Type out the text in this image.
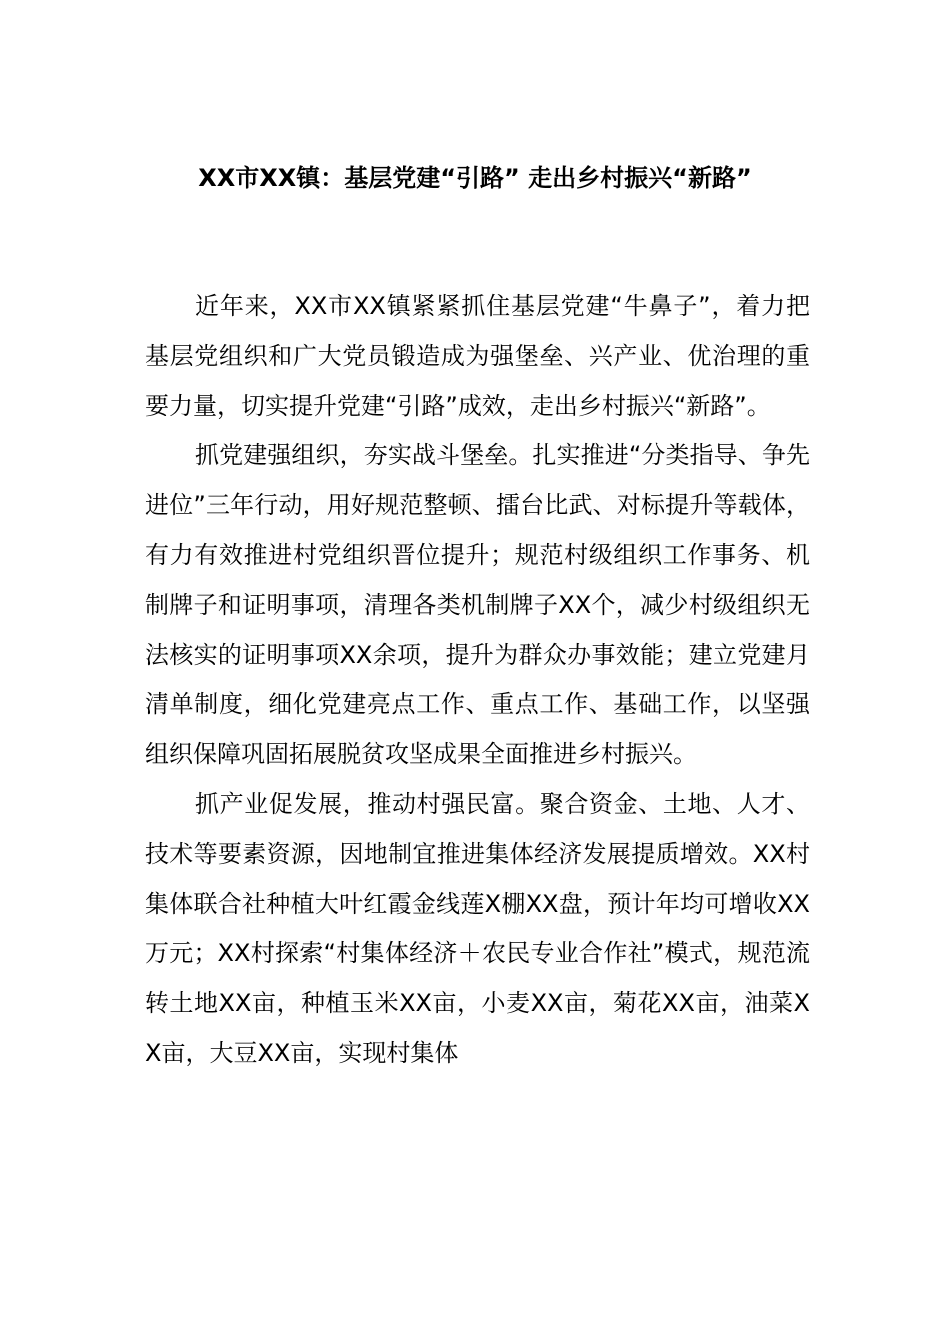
XX市XX镇：基层党建“引路” 走出乡村振兴“新路”

近年来，XX市XX镇紧紧抓住基层党建“牛鼻子”，着力把基层党组织和广大党员锻造成为强堡垒、兴产业、优治理的重要力量，切实提升党建“引路”成效，走出乡村振兴“新路”。

抓党建强组织，夯实战斗堡垒。扎实推进“分类指导、争先进位”三年行动，用好规范整顿、擂台比武、对标提升等载体，有力有效推进村党组织晋位提升；规范村级组织工作事务、机制牌子和证明事项，清理各类机制牌子XX个，减少村级组织无法核实的证明事项XX余项，提升为群众办事效能；建立党建月清单制度，细化党建亮点工作、重点工作、基础工作，以坚强组织保障巩固拓展脱贫攻坚成果全面推进乡村振兴。

抓产业促发展，推动村强民富。聚合资金、土地、人才、技术等要素资源，因地制宜推进集体经济发展提质增效。XX村集体联合社种植大叶红霞金线莲X棚XX盘，预计年均可增收XX万元；XX村探索“村集体经济＋农民专业合作社”模式，规范流转土地XX亩，种植玉米XX亩，小麦XX亩，菊花XX亩，油菜XX亩，大豆XX亩，实现村集体
